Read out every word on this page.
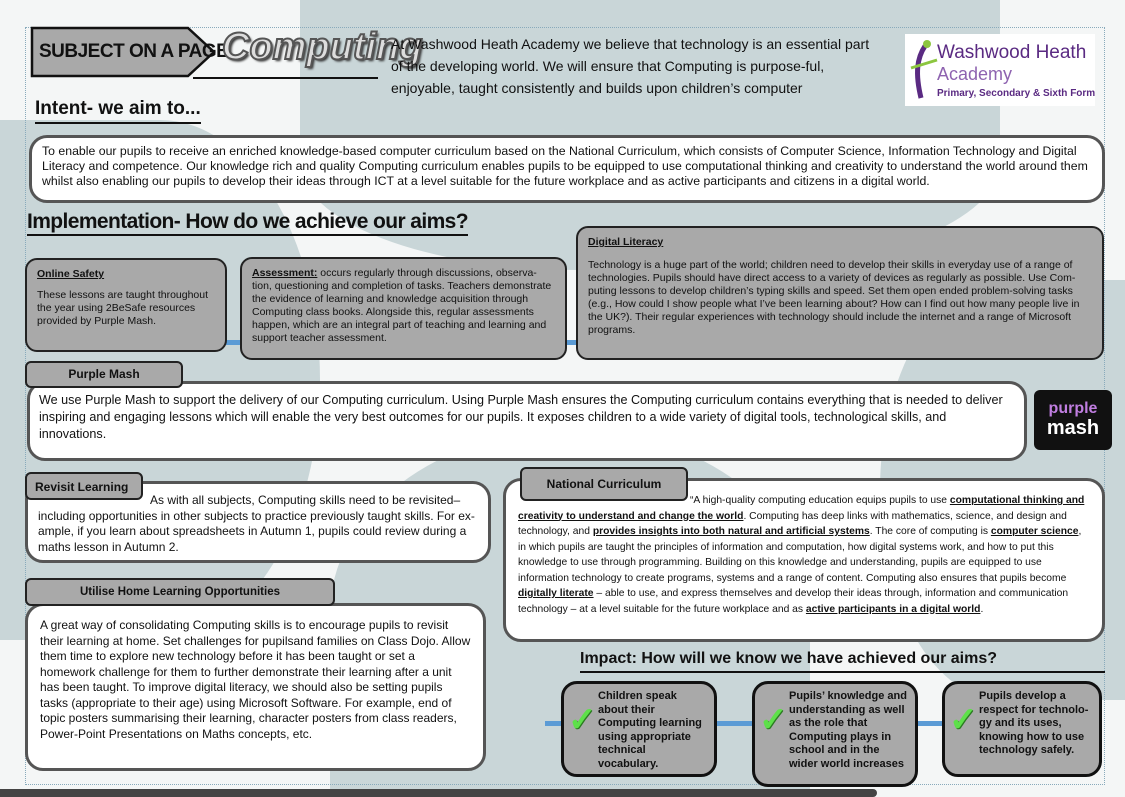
SUBJECT ON A PAGE
Computing
At Washwood Heath Academy we believe that technology is an essential part of the developing world. We will ensure that Computing is purpose-ful, enjoyable, taught consistently and builds upon children’s computer
Washwood Heath
Academy
Primary, Secondary & Sixth Form
Intent- we aim to...
To enable our pupils to receive an enriched knowledge-based computer curriculum based on the National Curriculum, which consists of Computer Science, Information Technology and Digital Literacy and competence. Our knowledge rich and quality Computing curriculum enables pupils to be equipped to use computational thinking and creativity to understand the world around them whilst also enabling our pupils to develop their ideas through ICT at a level suitable for the future workplace and as active participants and citizens in a digital world.
Implementation- How do we achieve our aims?
Online Safety
These lessons are taught throughout the year using 2BeSafe resources provided by Purple Mash.
Assessment: occurs regularly through discussions, observa-tion, questioning and completion of tasks. Teachers demonstrate the evidence of learning and knowledge acquisition through Computing class books. Alongside this, regular assessments happen, which are an integral part of teaching and learning and support teacher assessment.
Digital Literacy
Technology is a huge part of the world; children need to develop their skills in everyday use of a range of technologies. Pupils should have direct access to a variety of devices as regularly as possible. Use Com-puting lessons to develop children’s typing skills and speed. Set them open ended problem-solving tasks (e.g., How could I show people what I’ve been learning about? How can I find out how many people live in the UK?). Their regular experiences with technology should include the internet and a range of Microsoft programs.
We use Purple Mash to support the delivery of our Computing curriculum. Using Purple Mash ensures the Computing curriculum contains everything that is needed to deliver inspiring and engaging lessons which will enable the very best outcomes for our pupils. It exposes children to a wide variety of digital tools, technological skills, and innovations.
Purple Mash
purple
mash
As with all subjects, Computing skills need to be revisited– including opportunities in other subjects to practice previously taught skills. For ex-ample, if you learn about spreadsheets in Autumn 1, pupils could review during a maths lesson in Autumn 2.
Revisit Learning
A great way of consolidating Computing skills is to encourage pupils to revisit their learning at home. Set challenges for pupilsand families on Class Dojo. Allow them time to explore new technology before it has been taught or set a homework challenge for them to further demonstrate their learning after a unit has been taught. To improve digital literacy, we should also be setting pupils tasks (appropriate to their age) using Microsoft Software. For example, end of topic posters summarising their learning, character posters from class readers, Power-Point Presentations on Maths concepts, etc.
Utilise Home Learning Opportunities
“A high-quality computing education equips pupils to use computational thinking and creativity to understand and change the world. Computing has deep links with mathematics, science, and design and technology, and provides insights into both natural and artificial systems. The core of computing is computer science, in which pupils are taught the principles of information and computation, how digital systems work, and how to put this knowledge to use through programming. Building on this knowledge and understanding, pupils are equipped to use information technology to create programs, systems and a range of content. Computing also ensures that pupils become digitally literate – able to use, and express themselves and develop their ideas through, information and communication technology – at a level suitable for the future workplace and as active participants in a digital world.
National Curriculum
Impact: How will we know we have achieved our aims?
✓
Children speak about their Computing learning using appropriate technical vocabulary.
✓
Pupils’ knowledge and understanding as well as the role that Computing plays in school and in the wider world increases
✓
Pupils develop a respect for technolo-gy and its uses, knowing how to use technology safely.
